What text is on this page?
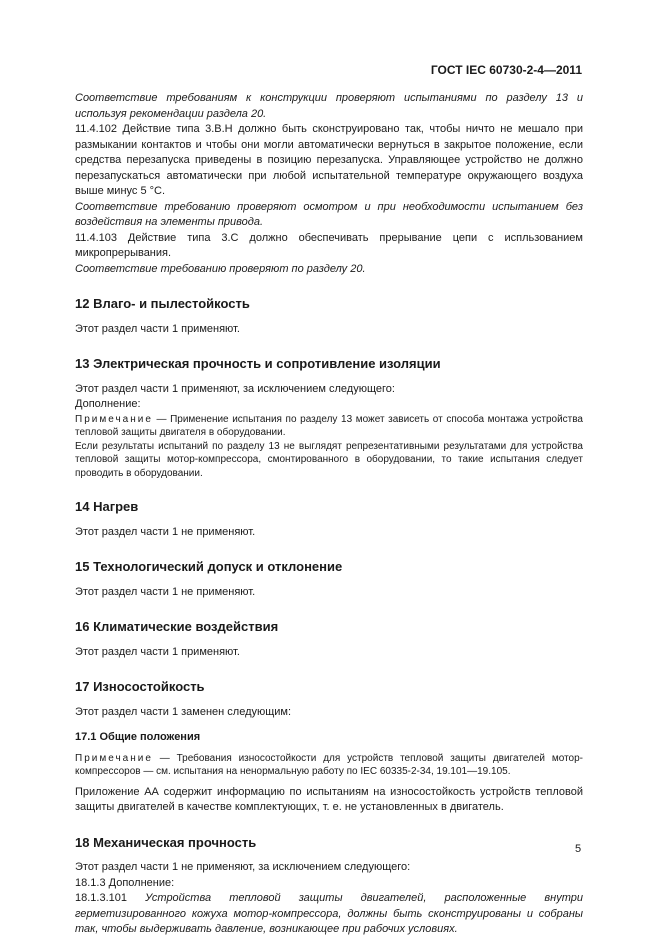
ГОСТ IEC 60730-2-4—2011

Соответствие требованиям к конструкции проверяют испытаниями по разделу 13 и используя рекомендации раздела 20.

11.4.102 Действие типа 3.В.Н должно быть сконструировано так, чтобы ничто не мешало при размыкании контактов и чтобы они могли автоматически вернуться в закрытое положение, если средства перезапуска приведены в позицию перезапуска. Управляющее устройство не должно перезапускаться автоматически при любой испытательной температуре окружающего воздуха выше минус 5 °С.

Соответствие требованию проверяют осмотром и при необходимости испытанием без воздействия на элементы привода.

11.4.103 Действие типа 3.С должно обеспечивать прерывание цепи с испльзованием микропрерывания.

Соответствие требованию проверяют по разделу 20.

12 Влаго- и пылестойкость

Этот раздел части 1 применяют.

13 Электрическая прочность и сопротивление изоляции

Этот раздел части 1 применяют, за исключением следующего:

Дополнение:

Примечание — Применение испытания по разделу 13 может зависеть от способа монтажа устройства тепловой защиты двигателя в оборудовании.

Если результаты испытаний по разделу 13 не выглядят репрезентативными результатами для устройства тепловой защиты мотор-компрессора, смонтированного в оборудовании, то такие испытания следует проводить в оборудовании.

14 Нагрев

Этот раздел части 1 не применяют.

15 Технологический допуск и отклонение

Этот раздел части 1 не применяют.

16 Климатические воздействия

Этот раздел части 1 применяют.

17 Износостойкость

Этот раздел части 1 заменен следующим:

17.1 Общие положения

Примечание — Требования износостойкости для устройств тепловой защиты двигателей мотор-компрессоров — см. испытания на ненормальную работу по IEC 60335-2-34, 19.101—19.105.

Приложение АА содержит информацию по испытаниям на износостойкость устройств тепловой защиты двигателей в качестве комплектующих, т. е. не установленных в двигатель.

18 Механическая прочность

Этот раздел части 1 не применяют, за исключением следующего:

18.1.3 Дополнение:

18.1.3.101 Устройства тепловой защиты двигателей, расположенные внутри герметизированного кожуха мотор-компрессора, должны быть сконструированы и собраны так, чтобы выдерживать давление, возникающее при рабочих условиях.

5
